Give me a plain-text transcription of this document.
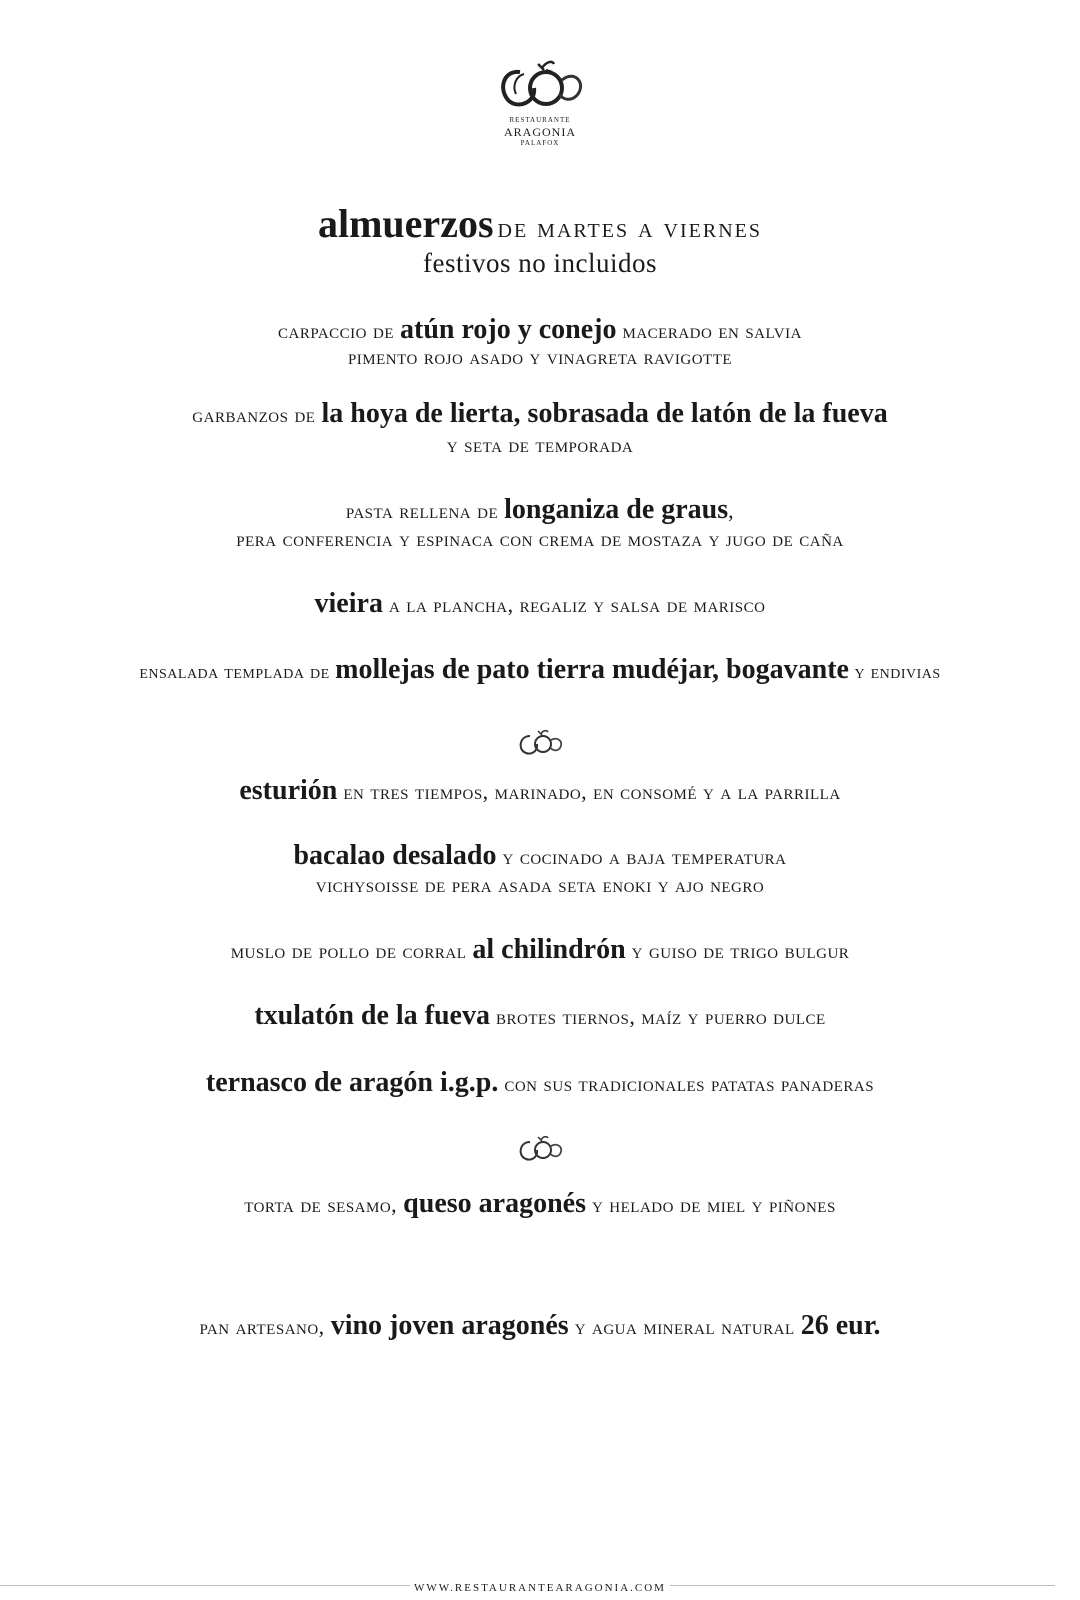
RESTAURANTE
ARAGONIA
PALAFOX
almuerzos de martes a viernes
festivos no incluidos
carpaccio de atún rojo y conejo macerado en salvia
pimento rojo asado y vinagreta ravigotte
garbanzos de la hoya de lierta, sobrasada de latón de la fueva
y seta de temporada
pasta rellena de longaniza de graus,
pera conferencia y espinaca con crema de mostaza y jugo de caña
vieira a la plancha, regaliz y salsa de marisco
ensalada templada de mollejas de pato tierra mudéjar, bogavante y endivias
esturión en tres tiempos, marinado, en consomé y a la parrilla
bacalao desalado y cocinado a baja temperatura
vichysoisse de pera asada seta enoki y ajo negro
muslo de pollo de corral al chilindrón y guiso de trigo bulgur
txulatón de la fueva brotes tiernos, maíz y puerro dulce
ternasco de aragón i.g.p. con sus tradicionales patatas panaderas
torta de sesamo, queso aragonés y helado de miel y piñones
pan artesano, vino joven aragonés y agua mineral natural 26 eur.
WWW.RESTAURANTEARAGONIA.COM
